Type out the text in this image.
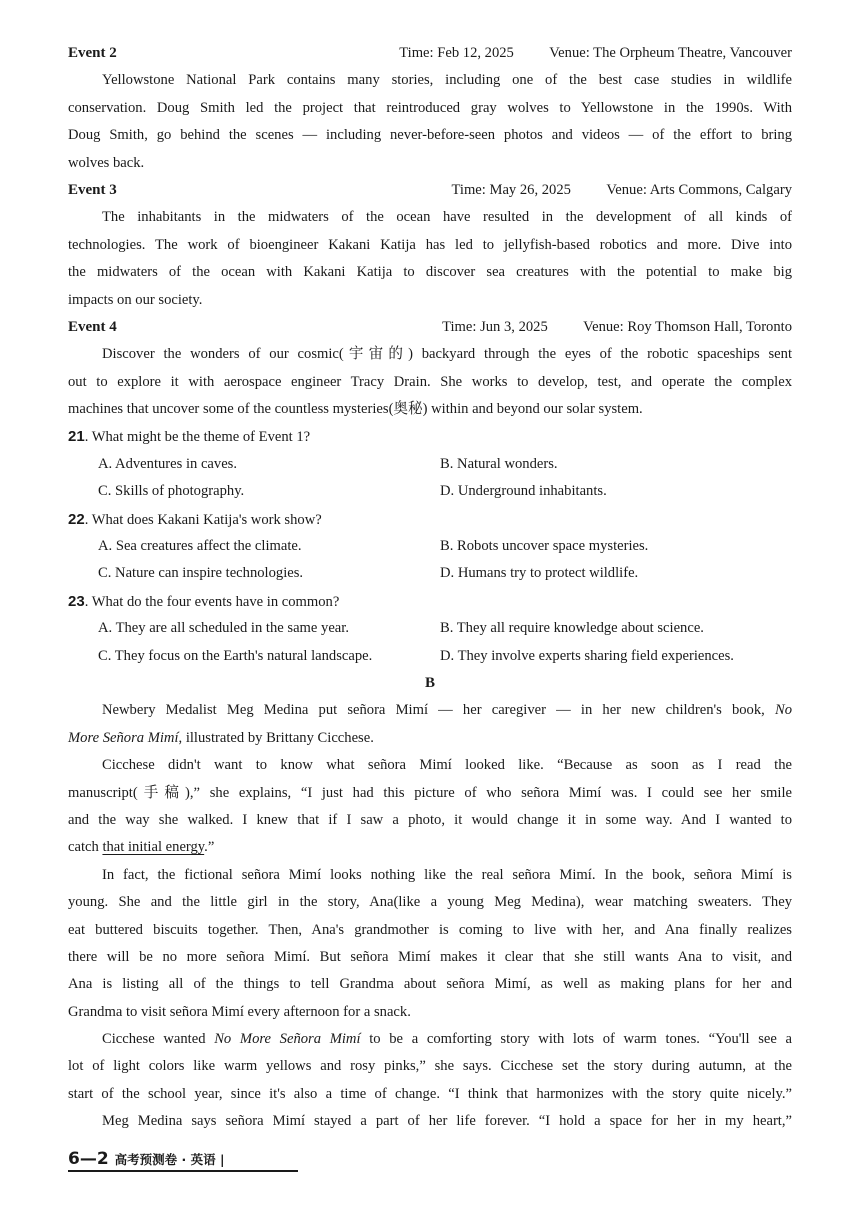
Event 2	Time: Feb 12, 2025 Venue: The Orpheum Theatre, Vancouver
Yellowstone National Park contains many stories, including one of the best case studies in wildlife
conservation. Doug Smith led the project that reintroduced gray wolves to Yellowstone in the 1990s. With
Doug Smith, go behind the scenes — including never-before-seen photos and videos — of the effort to bring
wolves back.
Event 3	Time: May 26, 2025 Venue: Arts Commons, Calgary
The inhabitants in the midwaters of the ocean have resulted in the development of all kinds of
technologies. The work of bioengineer Kakani Katija has led to jellyfish-based robotics and more. Dive into
the midwaters of the ocean with Kakani Katija to discover sea creatures with the potential to make big
impacts on our society.
Event 4	Time: Jun 3, 2025 Venue: Roy Thomson Hall, Toronto
Discover the wonders of our cosmic(宇宙的) backyard through the eyes of the robotic spaceships sent
out to explore it with aerospace engineer Tracy Drain. She works to develop, test, and operate the complex
machines that uncover some of the countless mysteries(奥秘) within and beyond our solar system.
21. What might be the theme of Event 1?
A. Adventures in caves.	B. Natural wonders.
C. Skills of photography.	D. Underground inhabitants.
22. What does Kakani Katija's work show?
A. Sea creatures affect the climate.	B. Robots uncover space mysteries.
C. Nature can inspire technologies.	D. Humans try to protect wildlife.
23. What do the four events have in common?
A. They are all scheduled in the same year.	B. They all require knowledge about science.
C. They focus on the Earth's natural landscape.	D. They involve experts sharing field experiences.
B
Newbery Medalist Meg Medina put señora Mimí — her caregiver — in her new children's book, No
More Señora Mimí, illustrated by Brittany Cicchese.
Cicchese didn't want to know what señora Mimí looked like. “Because as soon as I read the
manuscript(手稿),” she explains, “I just had this picture of who señora Mimí was. I could see her smile
and the way she walked. I knew that if I saw a photo, it would change it in some way. And I wanted to
catch that initial energy.”
In fact, the fictional señora Mimí looks nothing like the real señora Mimí. In the book, señora Mimí is
young. She and the little girl in the story, Ana(like a young Meg Medina), wear matching sweaters. They
eat buttered biscuits together. Then, Ana's grandmother is coming to live with her, and Ana finally realizes
there will be no more señora Mimí. But señora Mimí makes it clear that she still wants Ana to visit, and
Ana is listing all of the things to tell Grandma about señora Mimí, as well as making plans for her and
Grandma to visit señora Mimí every afternoon for a snack.
Cicchese wanted No More Señora Mimí to be a comforting story with lots of warm tones. “You'll see a
lot of light colors like warm yellows and rosy pinks,” she says. Cicchese set the story during autumn, at the
start of the school year, since it's also a time of change. “I think that harmonizes with the story quite nicely.”
Meg Medina says señora Mimí stayed a part of her life forever. “I hold a space for her in my heart,”
6—2 高考预测卷 · 英语 |
